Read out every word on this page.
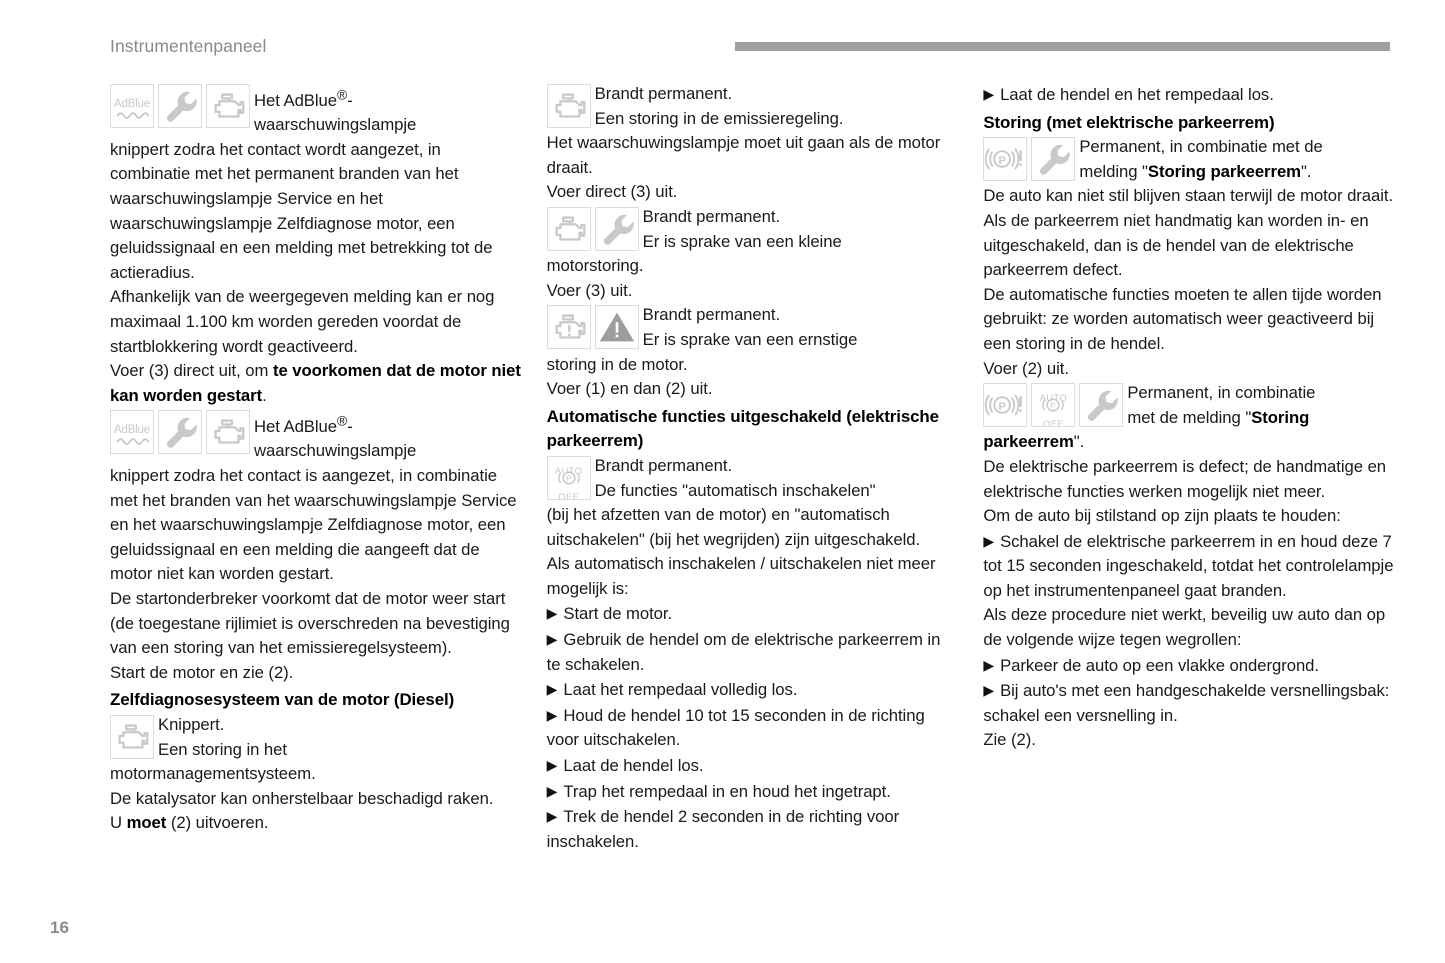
Instrumentenpaneel

AdBlue	Het AdBlue®-
waarschuwingslampje

knippert zodra het contact wordt aangezet, in combinatie met het permanent branden van het waarschuwingslampje Service en het waarschuwingslampje Zelfdiagnose motor, een geluidssignaal en een melding met betrekking tot de actieradius.

Afhankelijk van de weergegeven melding kan er nog maximaal 1.100 km worden gereden voordat de startblokkering wordt geactiveerd.

Voer (3) direct uit, om te voorkomen dat de motor niet kan worden gestart.

AdBlue	Het AdBlue®-
waarschuwingslampje

knippert zodra het contact is aangezet, in combinatie met het branden van het waarschuwingslampje Service en het waarschuwingslampje Zelfdiagnose motor, een geluidssignaal en een melding die aangeeft dat de motor niet kan worden gestart.

De startonderbreker voorkomt dat de motor weer start (de toegestane rijlimiet is overschreden na bevestiging van een storing van het emissieregelsysteem).

Start de motor en zie (2).

Zelfdiagnosesysteem van de motor (Diesel)

Knippert.
Een storing in het

motormanagementsysteem.

De katalysator kan onherstelbaar beschadigd raken.

U moet (2) uitvoeren.

Brandt permanent.
Een storing in de emissieregeling.

Het waarschuwingslampje moet uit gaan als de motor draait.

Voer direct (3) uit.

Brandt permanent.
Er is sprake van een kleine

motorstoring.

Voer (3) uit.

Brandt permanent.
Er is sprake van een ernstige

storing in de motor.

Voer (1) en dan (2) uit.

Automatische functies uitgeschakeld (elektrische parkeerrem)

AUTO
OFF
P
Brandt permanent.
De functies "automatisch inschakelen"

(bij het afzetten van de motor) en "automatisch uitschakelen" (bij het wegrijden) zijn uitgeschakeld.

Als automatisch inschakelen / uitschakelen niet meer mogelijk is:

▶ Start de motor.

▶ Gebruik de hendel om de elektrische parkeerrem in te schakelen.

▶ Laat het rempedaal volledig los.

▶ Houd de hendel 10 tot 15 seconden in de richting voor uitschakelen.

▶ Laat de hendel los.

▶ Trap het rempedaal in en houd het ingetrapt.

▶ Trek de hendel 2 seconden in de richting voor inschakelen.

▶ Laat de hendel en het rempedaal los.

Storing (met elektrische parkeerrem)

P
Permanent, in combinatie met de
melding "Storing parkeerrem".

De auto kan niet stil blijven staan terwijl de motor draait.

Als de parkeerrem niet handmatig kan worden in- en uitgeschakeld, dan is de hendel van de elektrische parkeerrem defect.

De automatische functies moeten te allen tijde worden gebruikt: ze worden automatisch weer geactiveerd bij een storing in de hendel.

Voer (2) uit.

P
AUTO
OFF
P
Permanent, in combinatie
met de melding "Storing

parkeerrem".

De elektrische parkeerrem is defect; de handmatige en elektrische functies werken mogelijk niet meer.

Om de auto bij stilstand op zijn plaats te houden:

▶ Schakel de elektrische parkeerrem in en houd deze 7 tot 15 seconden ingeschakeld, totdat het controlelampje op het instrumentenpaneel gaat branden.

Als deze procedure niet werkt, beveilig uw auto dan op de volgende wijze tegen wegrollen:

▶ Parkeer de auto op een vlakke ondergrond.

▶ Bij auto's met een handgeschakelde versnellingsbak: schakel een versnelling in.

Zie (2).

16
